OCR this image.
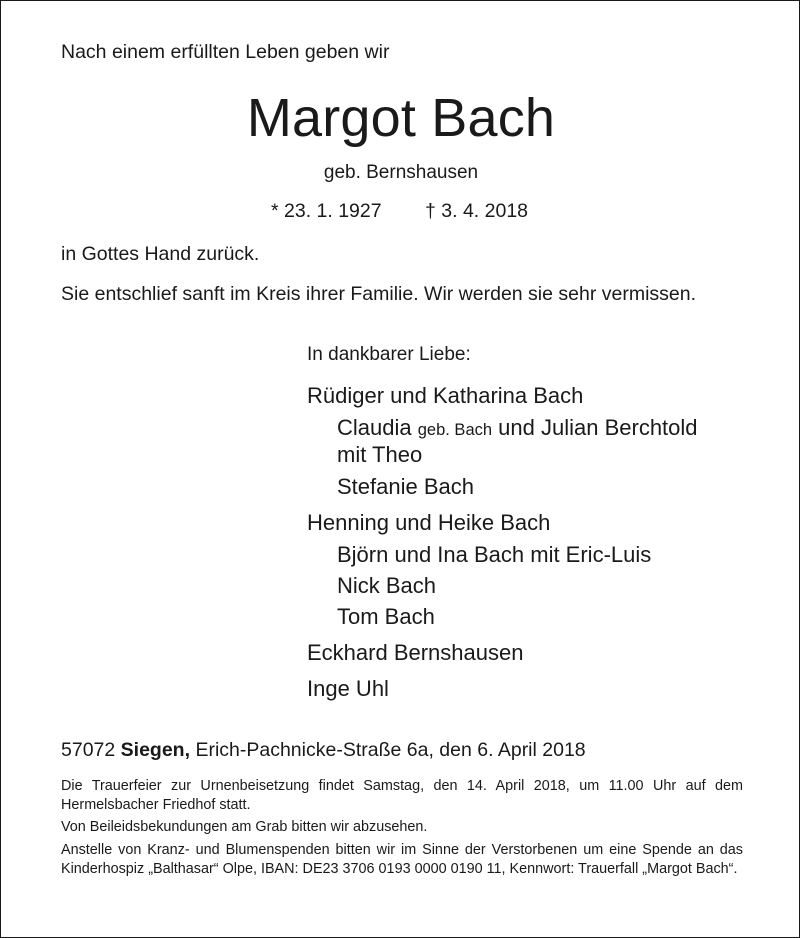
Nach einem erfüllten Leben geben wir
Margot Bach
geb. Bernshausen
* 23. 1. 1927 † 3. 4. 2018
in Gottes Hand zurück.
Sie entschlief sanft im Kreis ihrer Familie. Wir werden sie sehr vermissen.
In dankbarer Liebe:
Rüdiger und Katharina Bach
Claudia geb. Bach und Julian Berchtold
mit Theo
Stefanie Bach
Henning und Heike Bach
Björn und Ina Bach mit Eric-Luis
Nick Bach
Tom Bach
Eckhard Bernshausen
Inge Uhl
57072 Siegen, Erich-Pachnicke-Straße 6a, den 6. April 2018
Die Trauerfeier zur Urnenbeisetzung findet Samstag, den 14. April 2018, um 11.00 Uhr auf dem Hermelsbacher Friedhof statt.
Von Beileidsbekundungen am Grab bitten wir abzusehen.
Anstelle von Kranz- und Blumenspenden bitten wir im Sinne der Verstorbenen um eine Spende an das Kinderhospiz „Balthasar“ Olpe, IBAN: DE23 3706 0193 0000 0190 11, Kennwort: Trauerfall „Margot Bach“.
